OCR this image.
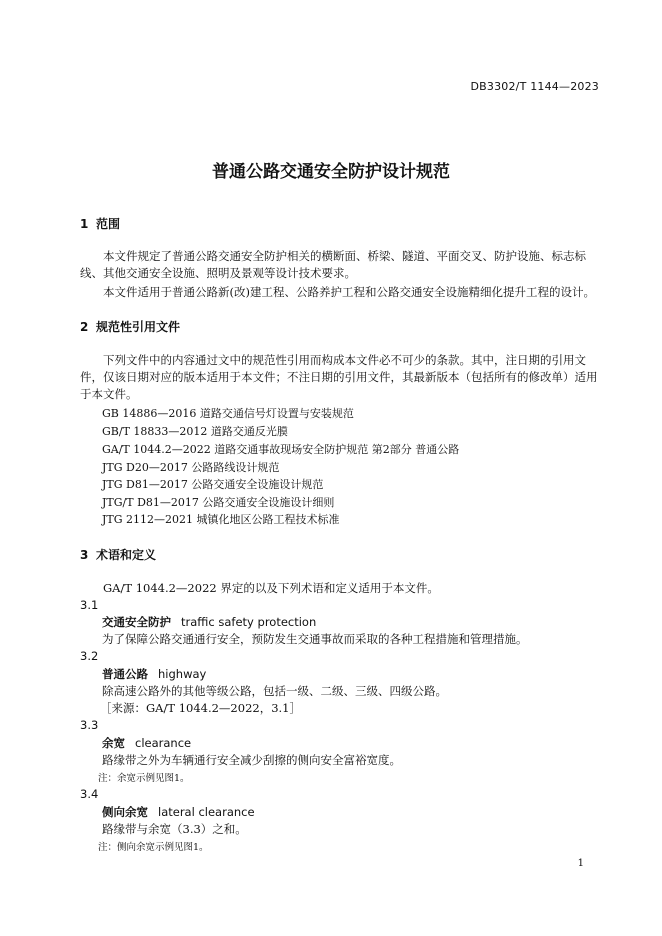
DB3302/T 1144—2023
普通公路交通安全防护设计规范
1 范围
本文件规定了普通公路交通安全防护相关的横断面、桥梁、隧道、平面交叉、防护设施、标志标线、其他交通安全设施、照明及景观等设计技术要求。
本文件适用于普通公路新(改)建工程、公路养护工程和公路交通安全设施精细化提升工程的设计。
2 规范性引用文件
下列文件中的内容通过文中的规范性引用而构成本文件必不可少的条款。其中，注日期的引用文件，仅该日期对应的版本适用于本文件；不注日期的引用文件，其最新版本（包括所有的修改单）适用于本文件。
GB 14886—2016 道路交通信号灯设置与安装规范
GB/T 18833—2012 道路交通反光膜
GA/T 1044.2—2022 道路交通事故现场安全防护规范 第2部分 普通公路
JTG D20—2017 公路路线设计规范
JTG D81—2017 公路交通安全设施设计规范
JTG/T D81—2017 公路交通安全设施设计细则
JTG 2112—2021 城镇化地区公路工程技术标准
3 术语和定义
GA/T 1044.2—2022 界定的以及下列术语和定义适用于本文件。
3.1
交通安全防护 traffic safety protection
为了保障公路交通通行安全，预防发生交通事故而采取的各种工程措施和管理措施。
3.2
普通公路 highway
除高速公路外的其他等级公路，包括一级、二级、三级、四级公路。
［来源：GA/T 1044.2—2022，3.1］
3.3
余宽 clearance
路缘带之外为车辆通行安全减少刮擦的侧向安全富裕宽度。
注：余宽示例见图1。
3.4
侧向余宽 lateral clearance
路缘带与余宽（3.3）之和。
注：侧向余宽示例见图1。
1
